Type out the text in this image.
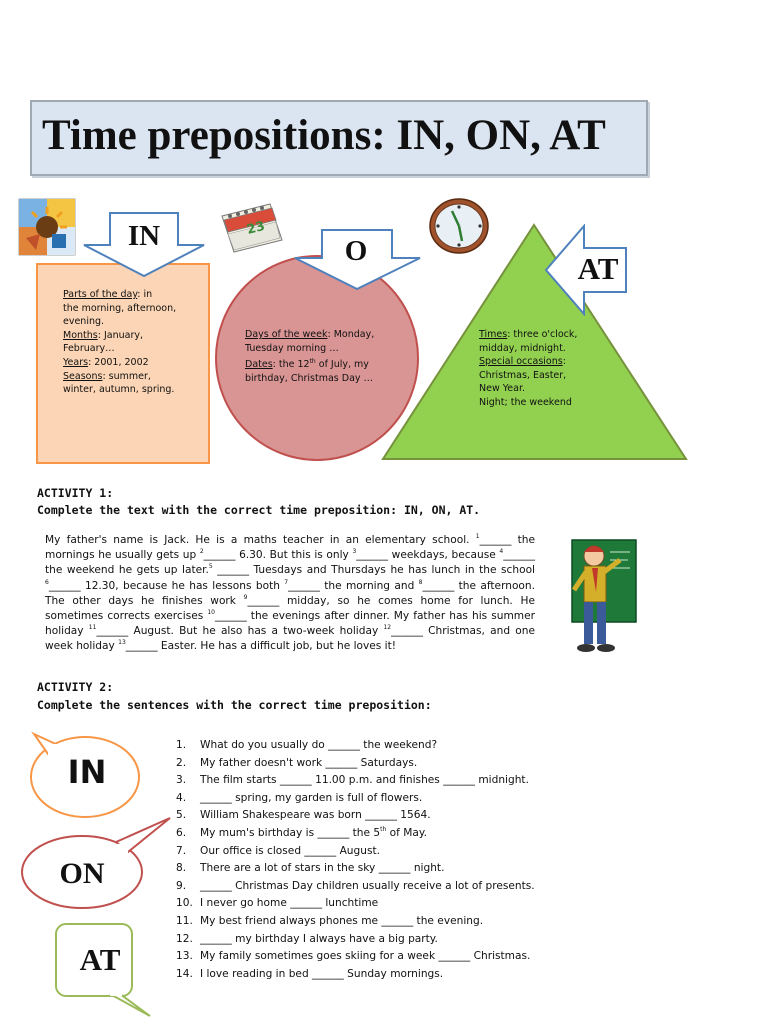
Time prepositions: IN, ON, AT
23
IN
Parts of the day: in
the morning, afternoon,
evening.
Months: January,
February…
Years: 2001, 2002
Seasons: summer,
winter, autumn, spring.
O
Days of the week: Monday,
Tuesday morning …
Dates: the 12th of July, my
birthday, Christmas Day …
AT
Times: three o'clock,
midday, midnight.
Special occasions:
Christmas, Easter,
New Year.
Night; the weekend
ACTIVITY 1:
Complete the text with the correct time preposition: IN, ON, AT.
My father's name is Jack. He is a maths teacher in an elementary school. $^1$______ the mornings he usually gets up $^2$______ 6.30. But this is only $^3$______ weekdays, because $^4$______ the weekend he gets up later.$^5$ ______ Tuesdays and Thursdays he has lunch in the school $^6$______ 12.30, because he has lessons both $^7$______ the morning and $^8$______ the afternoon. The other days he finishes work $^9$______ midday, so he comes home for lunch. He sometimes corrects exercises $^{10}$______ the evenings after dinner. My father has his summer holiday $^{11}$______ August. But he also has a two-week holiday $^{12}$______ Christmas, and one week holiday $^{13}$______ Easter. He has a difficult job, but he loves it!
ACTIVITY 2:
Complete the sentences with the correct time preposition:
IN
ON
AT
1. What do you usually do ______ the weekend?
2. My father doesn't work ______ Saturdays.
3. The film starts ______ 11.00 p.m. and finishes ______ midnight.
4. ______ spring, my garden is full of flowers.
5. William Shakespeare was born ______ 1564.
6. My mum's birthday is ______ the 5th of May.
7. Our office is closed ______ August.
8. There are a lot of stars in the sky ______ night.
9. ______ Christmas Day children usually receive a lot of presents.
10. I never go home ______ lunchtime
11. My best friend always phones me ______ the evening.
12. ______ my birthday I always have a big party.
13. My family sometimes goes skiing for a week ______ Christmas.
14. I love reading in bed ______ Sunday mornings.
